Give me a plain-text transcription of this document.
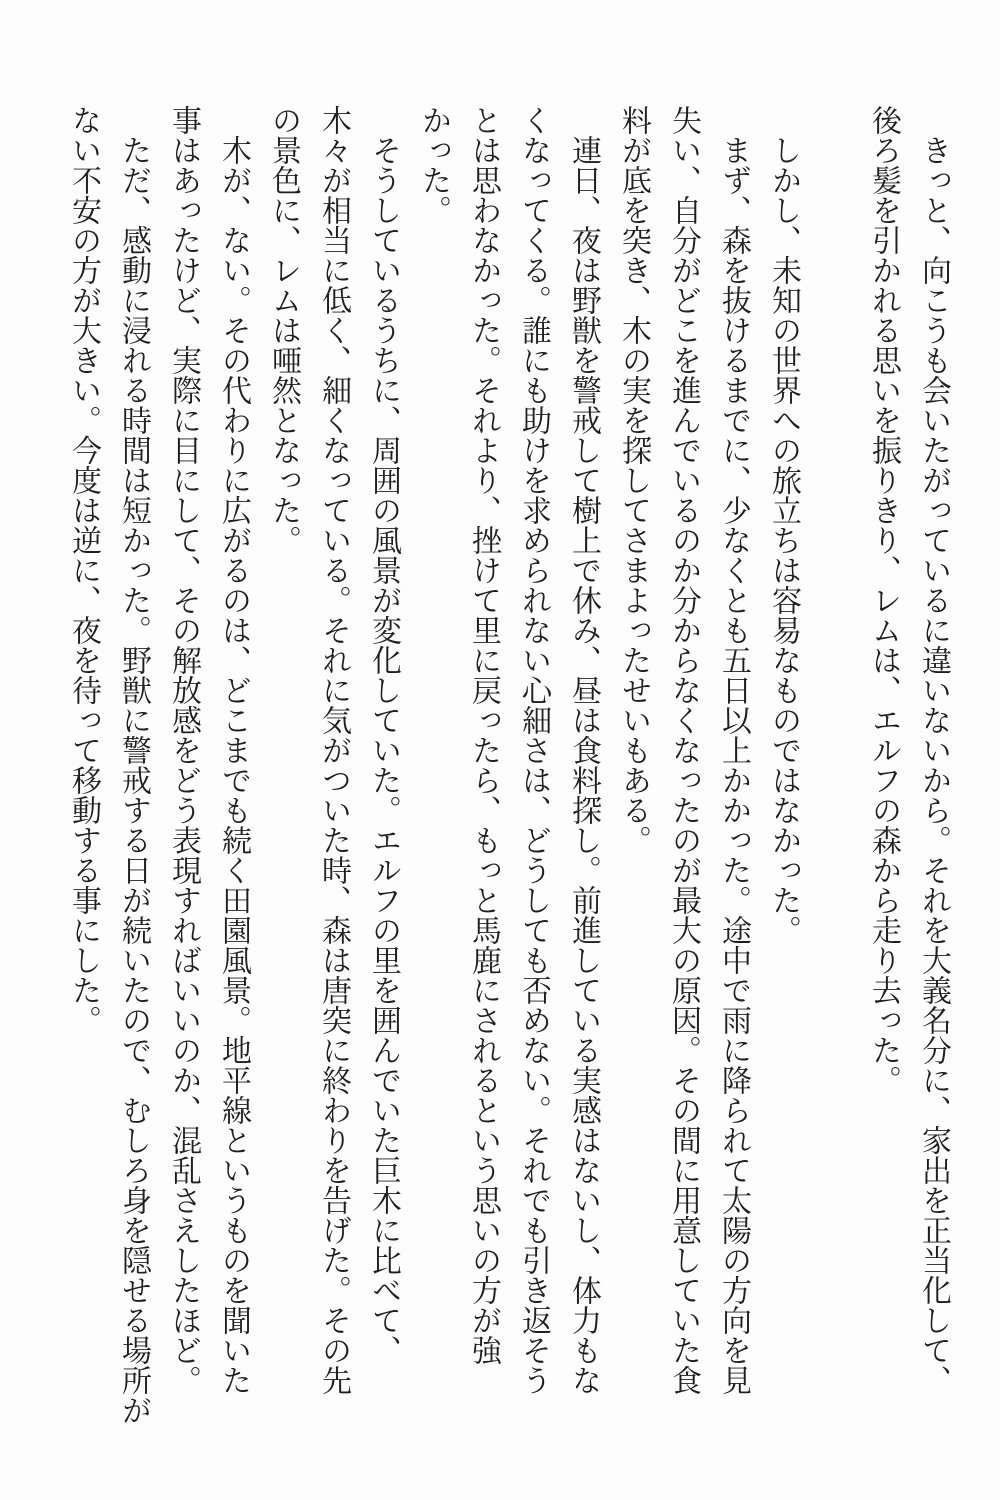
　きっと、向こうも会いたがっているに違いないから。それを大義名分に、家出を正当化して、
後ろ髪を引かれる思いを振りきり、レムは、エルフの森から走り去った。

　しかし、未知の世界への旅立ちは容易なものではなかった。
　まず、森を抜けるまでに、少なくとも五日以上かかった。途中で雨に降られて太陽の方向を見
失い、自分がどこを進んでいるのか分からなくなったのが最大の原因。その間に用意していた食
料が底を突き、木の実を探してさまよったせいもある。
　連日、夜は野獣を警戒して樹上で休み、昼は食料探し。前進している実感はないし、体力もな
くなってくる。誰にも助けを求められない心細さは、どうしても否めない。それでも引き返そう
とは思わなかった。それより、挫けて里に戻ったら、もっと馬鹿にされるという思いの方が強
かった。
　そうしているうちに、周囲の風景が変化していた。エルフの里を囲んでいた巨木に比べて、
木々が相当に低く、細くなっている。それに気がついた時、森は唐突に終わりを告げた。その先
の景色に、レムは唖然となった。
　木が、ない。その代わりに広がるのは、どこまでも続く田園風景。地平線というものを聞いた
事はあったけど、実際に目にして、その解放感をどう表現すればいいのか、混乱さえしたほど。
　ただ、感動に浸れる時間は短かった。野獣に警戒する日が続いたので、むしろ身を隠せる場所が
ない不安の方が大きい。今度は逆に、夜を待って移動する事にした。
